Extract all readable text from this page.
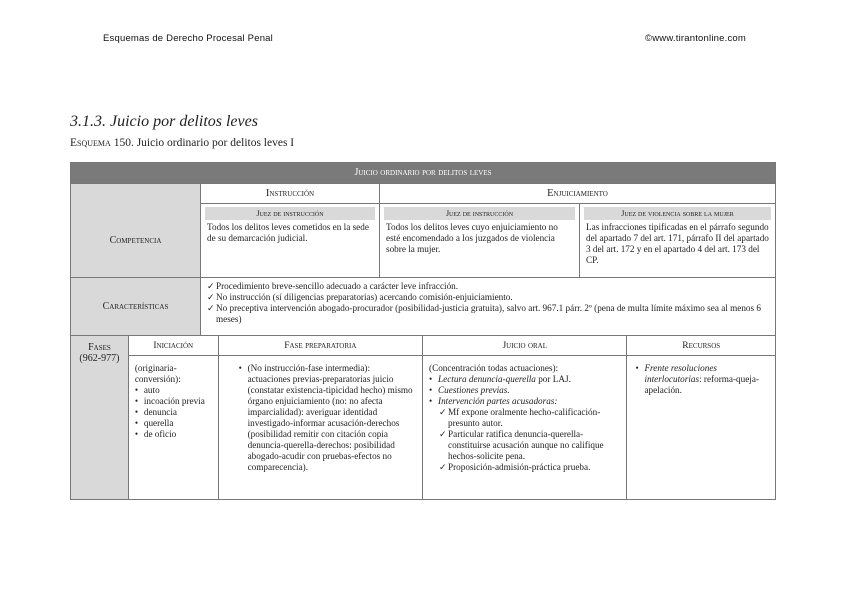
Esquemas de Derecho Procesal Penal	©www.tirantonline.com
3.1.3. Juicio por delitos leves
Esquema 150. Juicio ordinario por delitos leves I
Juicio ordinario por delitos leves
Instrucción	Enjuiciamiento
Competencia
Juez de instrucción
Todos los delitos leves cometidos en la sede de su demarcación judicial.
Juez de instrucción
Todos los delitos leves cuyo enjuiciamiento no esté encomendado a los juzgados de violencia sobre la mujer.
Juez de violencia sobre la mujer
Las infracciones tipificadas en el párrafo segundo del apartado 7 del art. 171, párrafo II del apartado 3 del art. 172 y en el apartado 4 del art. 173 del CP.
Características
✓ Procedimiento breve-sencillo adecuado a carácter leve infracción.
✓ No instrucción (sí diligencias preparatorias) acercando comisión-enjuiciamiento.
✓ No preceptiva intervención abogado-procurador (posibilidad-justicia gratuita), salvo art. 967.1 párr. 2º (pena de multa límite máximo sea al menos 6 meses)
Fases
(962-977)
Iniciación
(originaria-conversión):
• auto
• incoación previa
• denuncia
• querella
• de oficio
Fase preparatoria
• (No instrucción-fase intermedia): actuaciones previas-preparatorias juicio (constatar existencia-tipicidad hecho) mismo órgano enjuiciamiento (no: no afecta imparcialidad): averiguar identidad investigado-informar acusación-derechos (posibilidad remitir con citación copia denuncia-querella-derechos: posibilidad abogado-acudir con pruebas-efectos no comparecencia).
Juicio oral
(Concentración todas actuaciones):
• Lectura denuncia-querella por LAJ.
• Cuestiones previas.
• Intervención partes acusadoras:
✓ Mf expone oralmente hecho-calificación-presunto autor.
✓ Particular ratifica denuncia-querella-constituirse acusación aunque no califique hechos-solicite pena.
✓ Proposición-admisión-práctica prueba.
Recursos
• Frente resoluciones interlocutorias: reforma-queja-apelación.
